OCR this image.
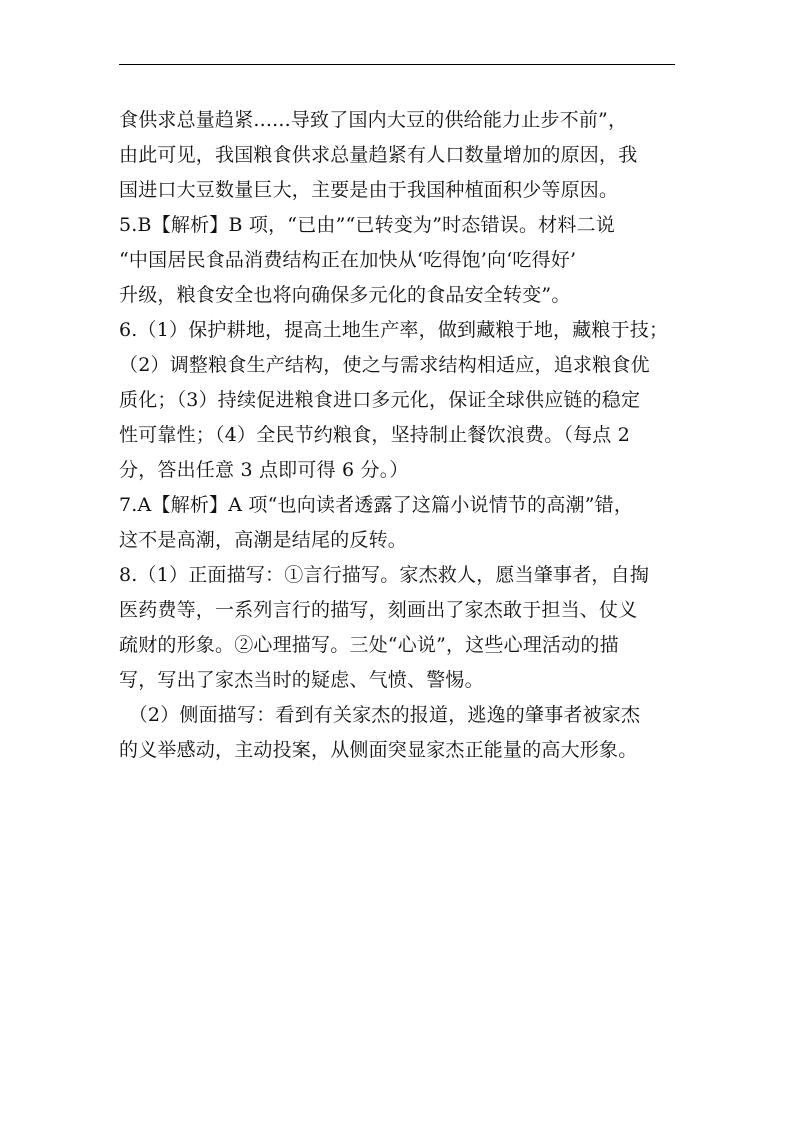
食供求总量趋紧......导致了国内大豆的供给能力止步不前”，
由此可见，我国粮食供求总量趋紧有人口数量增加的原因，我
国进口大豆数量巨大，主要是由于我国种植面积少等原因。
5.B【解析】B 项，“已由”“已转变为”时态错误。材料二说
“中国居民食品消费结构正在加快从‘吃得饱’向‘吃得好’
升级，粮食安全也将向确保多元化的食品安全转变”。
6.（1）保护耕地，提高土地生产率，做到藏粮于地，藏粮于技；
（2）调整粮食生产结构，使之与需求结构相适应，追求粮食优
质化；（3）持续促进粮食进口多元化，保证全球供应链的稳定
性可靠性；（4）全民节约粮食，坚持制止餐饮浪费。（每点 2
分，答出任意 3 点即可得 6 分。）
7.A【解析】A 项“也向读者透露了这篇小说情节的高潮”错，
这不是高潮，高潮是结尾的反转。
8.（1）正面描写：①言行描写。家杰救人，愿当肇事者，自掏
医药费等，一系列言行的描写，刻画出了家杰敢于担当、仗义
疏财的形象。②心理描写。三处“心说”，这些心理活动的描
写，写出了家杰当时的疑虑、气愤、警惕。
　（2）侧面描写：看到有关家杰的报道，逃逸的肇事者被家杰
的义举感动，主动投案，从侧面突显家杰正能量的高大形象。
